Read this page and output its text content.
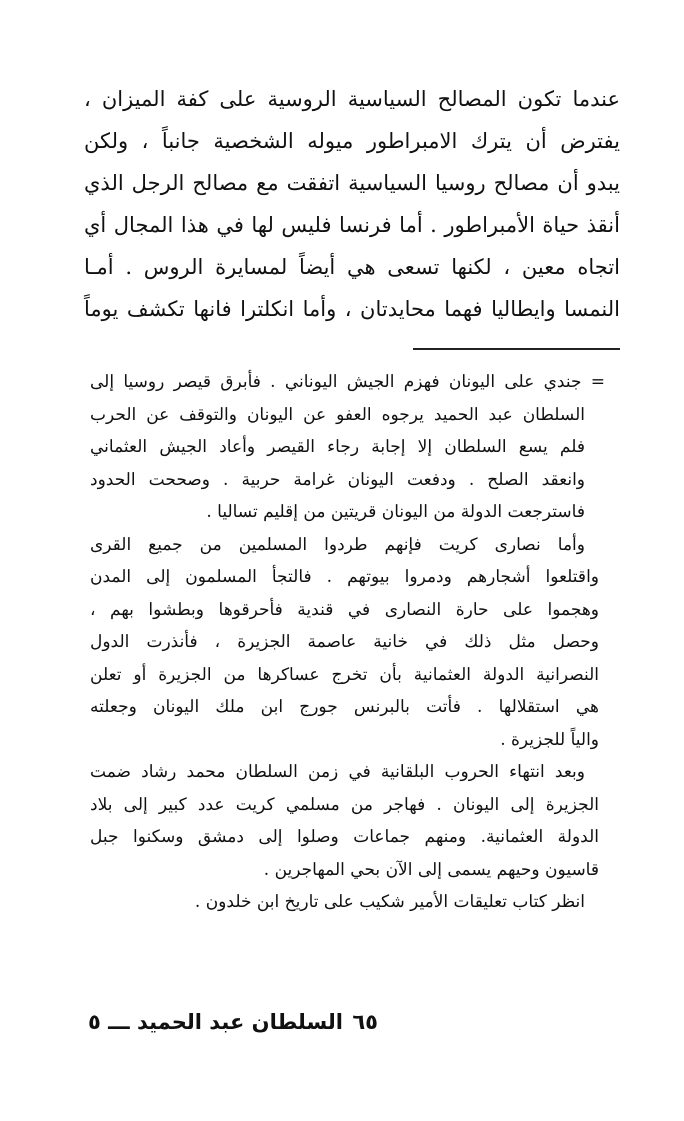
عندما تكون المصالح السياسية الروسية على كفة الميزان ،
يفترض أن يترك الامبراطور ميوله الشخصية جانباً ، ولكن
يبدو أن مصالح روسيا السياسية اتفقت مع مصالح الرجل الذي
أنقذ حياة الأمبراطور . أما فرنسا فليس لها في هذا المجال أي
اتجاه معين ، لكنها تسعى هي أيضاً لمسايرة الروس . أمـا
النمسا وايطاليا فهما محايدتان ، وأما انكلترا فانها تكشف يوماً
= جندي على اليونان فهزم الجيش اليوناني . فأبرق قيصر روسيا إلى
السلطان عبد الحميد يرجوه العفو عن اليونان والتوقف عن الحرب
فلم يسع السلطان إلا إجابة رجاء القيصر وأعاد الجيش العثماني
وانعقد الصلح . ودفعت اليونان غرامة حربية . وصححت الحدود
فاسترجعت الدولة من اليونان قريتين من إقليم تساليا .
وأما نصارى كريت فإنهم طردوا المسلمين من جميع القرى
واقتلعوا أشجارهم ودمروا بيوتهم . فالتجأ المسلمون إلى المدن
وهجموا على حارة النصارى في قندية فأحرقوها وبطشوا بهم ،
وحصل مثل ذلك في خانية عاصمة الجزيرة ، فأنذرت الدول
النصرانية الدولة العثمانية بأن تخرج عساكرها من الجزيرة أو تعلن
هي استقلالها . فأتت بالبرنس جورج ابن ملك اليونان وجعلته
والياً للجزيرة .
وبعد انتهاء الحروب البلقانية في زمن السلطان محمد رشاد ضمت
الجزيرة إلى اليونان . فهاجر من مسلمي كريت عدد كبير إلى بلاد
الدولة العثمانية. ومنهم جماعات وصلوا إلى دمشق وسكنوا جبل
قاسيون وحيهم يسمى إلى الآن بحي المهاجرين .
انظر كتاب تعليقات الأمير شكيب على تاريخ ابن خلدون .
٦٥
السلطان عبد الحميد ـــ ٥
